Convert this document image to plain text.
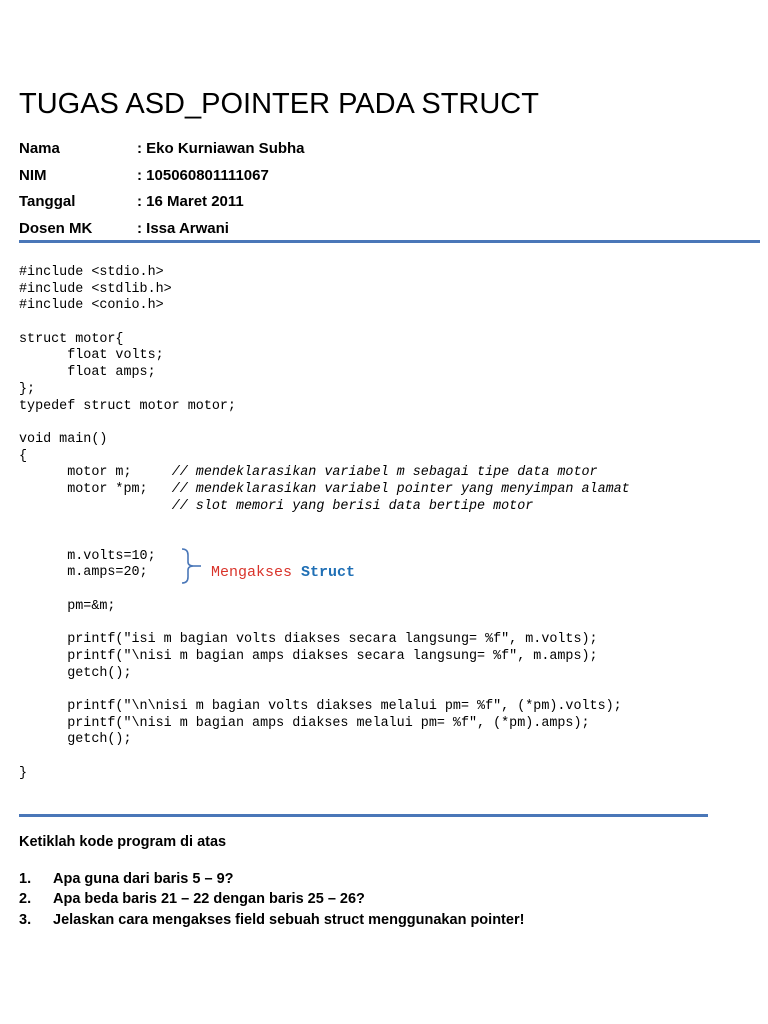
TUGAS ASD_POINTER PADA STRUCT
Nama	: Eko Kurniawan Subha
NIM	: 105060801111067
Tanggal	: 16 Maret 2011
Dosen MK	: Issa Arwani
#include <stdio.h>
#include <stdlib.h>
#include <conio.h>
struct motor{
float volts;
float amps;
};
typedef struct motor motor;
void main()
{
motor m;     // mendeklarasikan variabel m sebagai tipe data motor
motor *pm;   // mendeklarasikan variabel pointer yang menyimpan alamat
// slot memori yang berisi data bertipe motor
m.volts=10;
m.amps=20;
pm=&m;
printf("isi m bagian volts diakses secara langsung= %f", m.volts);
printf("\nisi m bagian amps diakses secara langsung= %f", m.amps);
getch();
printf("\n\nisi m bagian volts diakses melalui pm= %f", (*pm).volts);
printf("\nisi m bagian amps diakses melalui pm= %f", (*pm).amps);
getch();
}
Mengakses Struct
Ketiklah kode program di atas
1. Apa guna dari baris 5 – 9?
2. Apa beda baris 21 – 22 dengan baris 25 – 26?
3. Jelaskan cara mengakses field sebuah struct menggunakan pointer!
